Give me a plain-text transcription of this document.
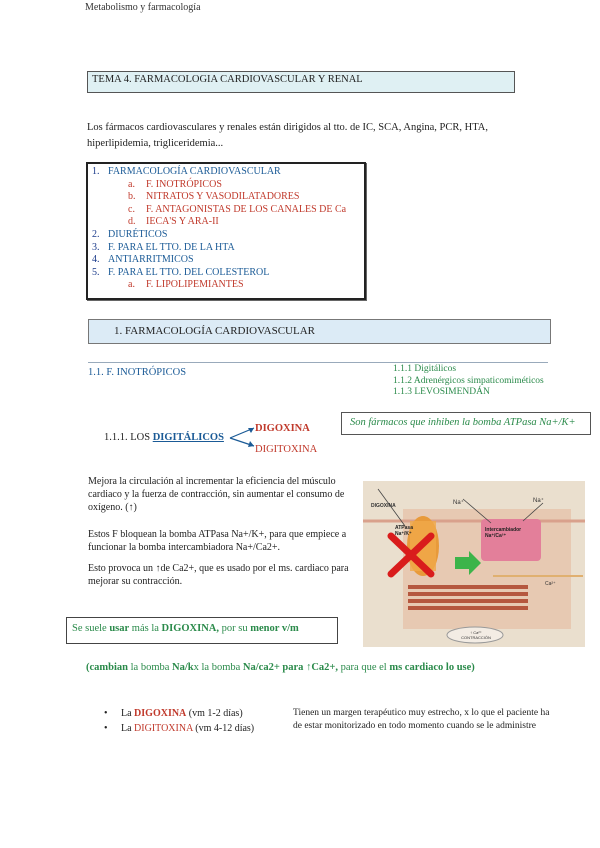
Metabolismo y farmacología
TEMA 4. FARMACOLOGIA CARDIOVASCULAR Y RENAL
Los fármacos cardiovasculares y renales están dirigidos al tto. de IC, SCA, Angina, PCR, HTA, hiperlipidemia, trigliceridemia...
1. FARMACOLOGÍA CARDIOVASCULAR
a. F. INOTRÓPICOS
b. NITRATOS Y VASODILATADORES
c. F. ANTAGONISTAS DE LOS CANALES DE Ca
d. IECA'S Y ARA-II
2. DIURÉTICOS
3. F. PARA EL TTO. DE LA HTA
4. ANTIARRITMICOS
5. F. PARA EL TTO. DEL COLESTEROL
a. F. LIPOLIPEMIANTES
1. FARMACOLOGÍA CARDIOVASCULAR
1.1. F. INOTRÓPICOS	1.1.1 Digitálicos
1.1.2 Adrenérgicos simpaticomiméticos
1.1.3 LEVOSIMENDÁN
Son fármacos que inhiben la bomba ATPasa Na+/K+
1.1.1. LOS DIGITÁLICOS
DIGOXINA
DIGITOXINA
Mejora la circulación al incrementar la eficiencia del músculo cardiaco y la fuerza de contracción, sin aumentar el consumo de oxígeno. (↑)
Estos F bloquean la bomba ATPasa Na+/K+, para que empiece a funcionar la bomba intercambiadora Na+/Ca2+.
Esto provoca un ↑de Ca2+, que es usado por el ms. cardiaco para mejorar su contracción.
DIGOXINA	Na⁺	Na⁺
ATPasa Na⁺/K⁺
Intercambiador Na⁺/Ca²⁺
Ca²⁺
↑ Ca²⁺ CONTRACCIÓN
Se suele usar más la DIGOXINA, por su menor v/m
(cambian la bomba Na/kx la bomba Na/ca2+ para ↑Ca2+, para que el ms cardiaco lo use)
• La DIGOXINA (vm 1-2 días)
• La DIGITOXINA (vm 4-12 días)
Tienen un margen terapéutico muy estrecho, x lo que el paciente ha de estar monitorizado en todo momento cuando se le administre
